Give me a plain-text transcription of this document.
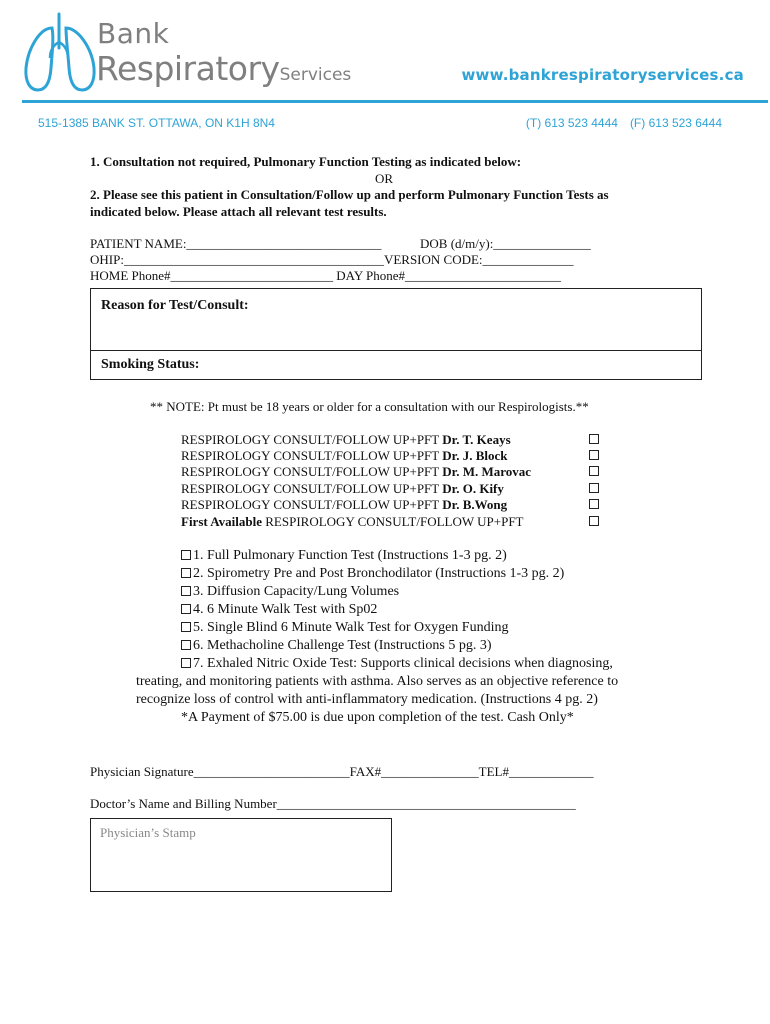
Bank
RespiratoryServices	www.bankrespiratoryservices.ca
515-1385 BANK ST. OTTAWA, ON K1H 8N4	(T) 613 523 4444 (F) 613 523 6444
1. Consultation not required, Pulmonary Function Testing as indicated below:
OR
2. Please see this patient in Consultation/Follow up and perform Pulmonary Function Tests as
indicated below. Please attach all relevant test results.
PATIENT NAME:______________________________	DOB (d/m/y):_______________
OHIP:________________________________________VERSION CODE:______________
HOME Phone#_________________________ DAY Phone#________________________
Reason for Test/Consult:
Smoking Status:
** NOTE: Pt must be 18 years or older for a consultation with our Respirologists.**
RESPIROLOGY CONSULT/FOLLOW UP+PFT Dr. T. Keays
RESPIROLOGY CONSULT/FOLLOW UP+PFT Dr. J. Block
RESPIROLOGY CONSULT/FOLLOW UP+PFT Dr. M. Marovac
RESPIROLOGY CONSULT/FOLLOW UP+PFT Dr. O. Kify
RESPIROLOGY CONSULT/FOLLOW UP+PFT Dr. B.Wong
First Available RESPIROLOGY CONSULT/FOLLOW UP+PFT
1. Full Pulmonary Function Test (Instructions 1-3 pg. 2)
2. Spirometry Pre and Post Bronchodilator (Instructions 1-3 pg. 2)
3. Diffusion Capacity/Lung Volumes
4. 6 Minute Walk Test with Sp02
5. Single Blind 6 Minute Walk Test for Oxygen Funding
6. Methacholine Challenge Test (Instructions 5 pg. 3)
7. Exhaled Nitric Oxide Test: Supports clinical decisions when diagnosing,
treating, and monitoring patients with asthma. Also serves as an objective reference to
recognize loss of control with anti-inflammatory medication. (Instructions 4 pg. 2)
*A Payment of $75.00 is due upon completion of the test. Cash Only*
Physician Signature________________________FAX#_______________TEL#_____________
Doctor’s Name and Billing Number______________________________________________
Physician’s Stamp
